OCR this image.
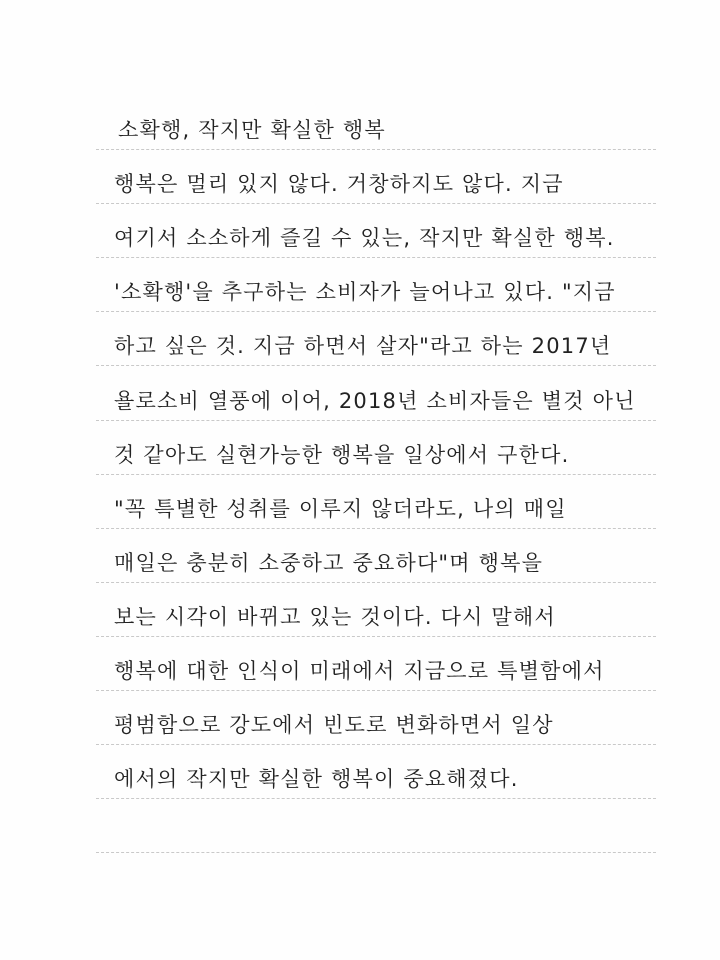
소확행, 작지만 확실한 행복
행복은 멀리 있지 않다. 거창하지도 않다. 지금
여기서 소소하게 즐길 수 있는, 작지만 확실한 행복.
'소확행'을 추구하는 소비자가 늘어나고 있다. "지금
하고 싶은 것. 지금 하면서 살자"라고 하는 2017년
욜로소비 열풍에 이어, 2018년 소비자들은 별것 아닌
것 같아도 실현가능한 행복을 일상에서 구한다.
"꼭 특별한 성취를 이루지 않더라도, 나의 매일
매일은 충분히 소중하고 중요하다"며 행복을
보는 시각이 바뀌고 있는 것이다. 다시 말해서
행복에 대한 인식이 미래에서 지금으로 특별함에서
평범함으로 강도에서 빈도로 변화하면서 일상
에서의 작지만 확실한 행복이 중요해졌다.
